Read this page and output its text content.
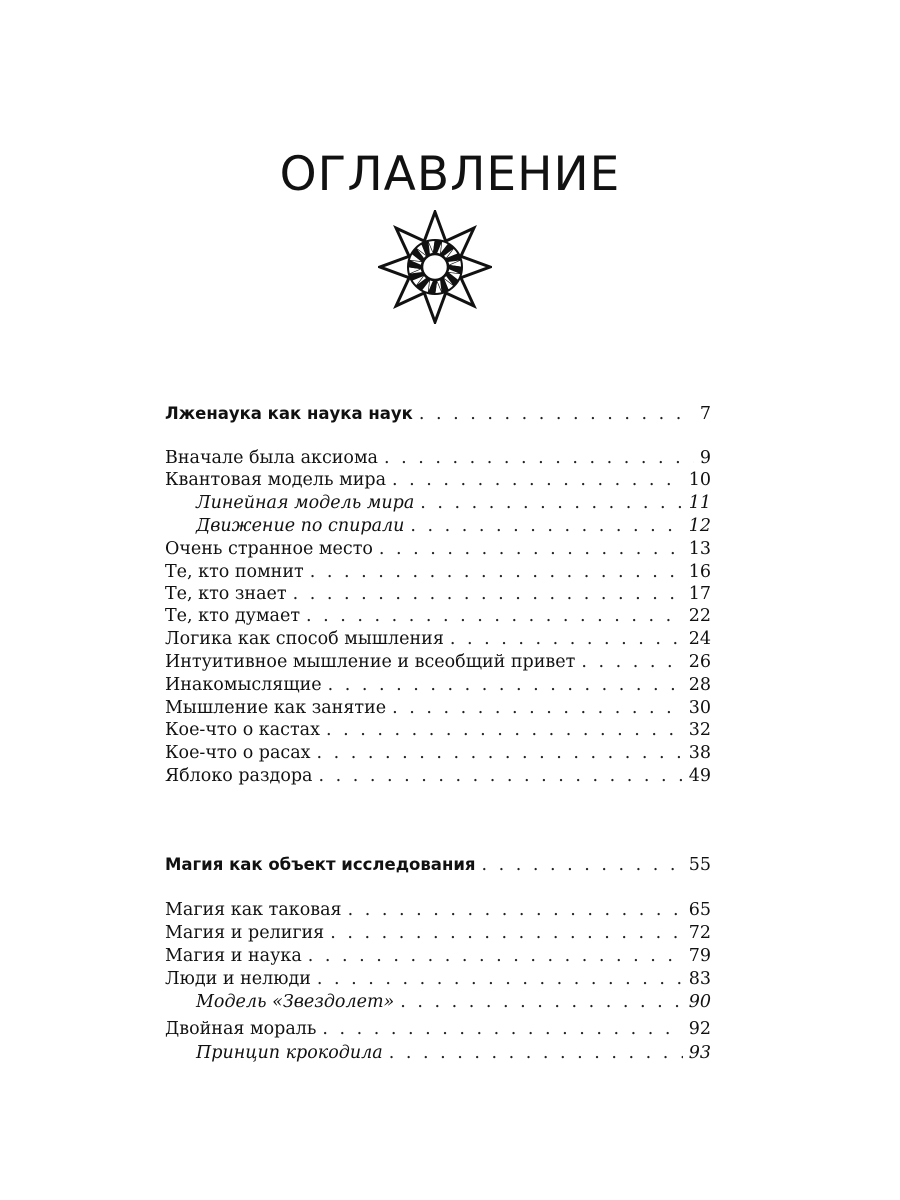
ОГЛАВЛЕНИЕ
Лженаука как наука наук . . .	7
Вначале была аксиома . . .	9
Квантовая модель мира . . .	10
Линейная модель мира . . .	11
Движение по спирали . . .	12
Очень странное место . . .	13
Те, кто помнит . . .	16
Те, кто знает . . .	17
Те, кто думает . . .	22
Логика как способ мышления . . .	24
Интуитивное мышление и всеобщий привет . . .	26
Инакомыслящие . . .	28
Мышление как занятие . . .	30
Кое-что о кастах . . .	32
Кое-что о расах . . .	38
Яблоко раздора . . .	49
Магия как объект исследования . . .	55
Магия как таковая . . .	65
Магия и религия . . .	72
Магия и наука . . .	79
Люди и нелюди . . .	83
Модель «Звездолет» . . .	90
Двойная мораль . . .	92
Принцип крокодила . . .	93
